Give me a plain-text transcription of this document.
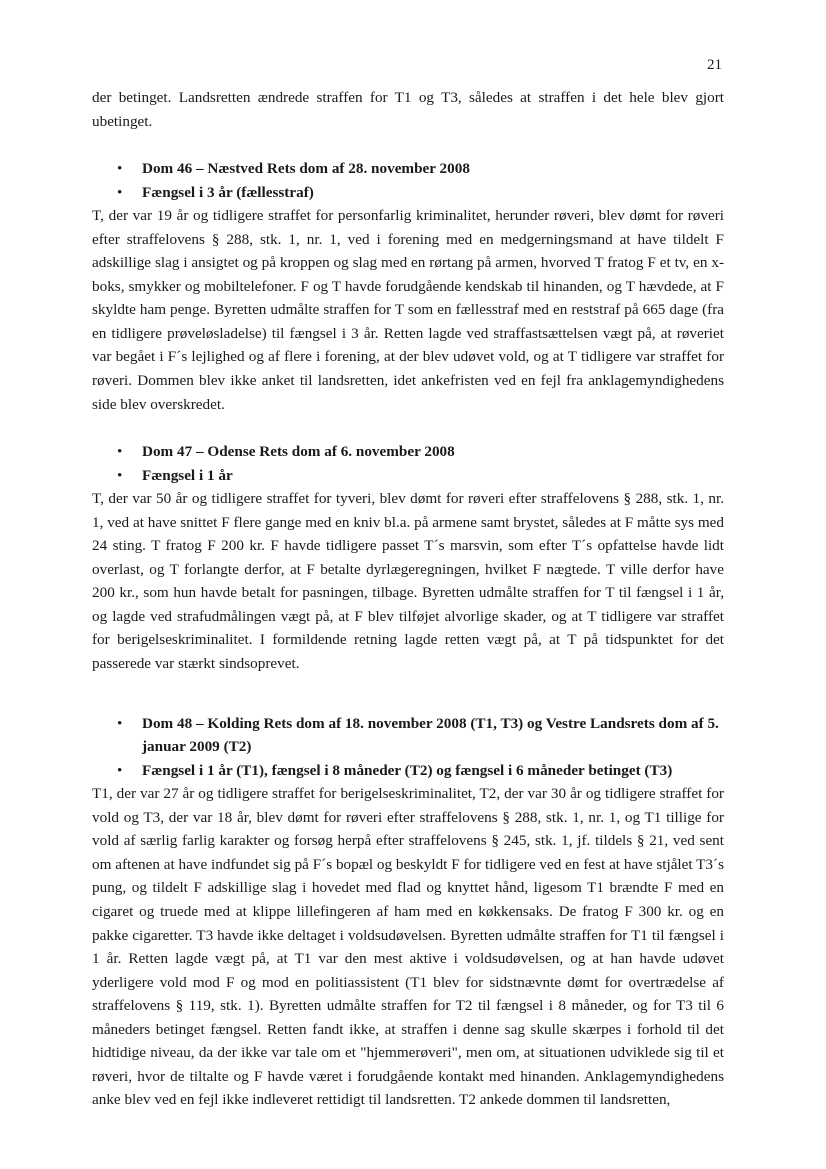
21

der betinget. Landsretten ændrede straffen for T1 og T3, således at straffen i det hele blev gjort ubetinget.

• Dom 46 – Næstved Rets dom af 28. november 2008
• Fængsel i 3 år (fællesstraf)

T, der var 19 år og tidligere straffet for personfarlig kriminalitet, herunder røveri, blev dømt for røveri efter straffelovens § 288, stk. 1, nr. 1, ved i forening med en medgerningsmand at have tildelt F adskillige slag i ansigtet og på kroppen og slag med en rørtang på armen, hvorved T fratog F et tv, en x-boks, smykker og mobiltelefoner. F og T havde forudgående kendskab til hinanden, og T hævdede, at F skyldte ham penge. Byretten udmålte straffen for T som en fællesstraf med en reststraf på 665 dage (fra en tidligere prøveløsladelse) til fængsel i 3 år. Retten lagde ved straffastsættelsen vægt på, at røveriet var begået i F´s lejlighed og af flere i forening, at der blev udøvet vold, og at T tidligere var straffet for røveri. Dommen blev ikke anket til landsretten, idet ankefristen ved en fejl fra anklagemyndighedens side blev overskredet.

• Dom 47 – Odense Rets dom af 6. november 2008
• Fængsel i 1 år

T, der var 50 år og tidligere straffet for tyveri, blev dømt for røveri efter straffelovens § 288, stk. 1, nr. 1, ved at have snittet F flere gange med en kniv bl.a. på armene samt brystet, således at F måtte sys med 24 sting. T fratog F 200 kr. F havde tidligere passet T´s marsvin, som efter T´s opfattelse havde lidt overlast, og T forlangte derfor, at F betalte dyrlægeregningen, hvilket F nægtede. T ville derfor have 200 kr., som hun havde betalt for pasningen, tilbage. Byretten udmålte straffen for T til fængsel i 1 år, og lagde ved strafudmålingen vægt på, at F blev tilføjet alvorlige skader, og at T tidligere var straffet for berigelseskriminalitet. I formildende retning lagde retten vægt på, at T på tidspunktet for det passerede var stærkt sindsoprevet.

• Dom 48 – Kolding Rets dom af 18. november 2008 (T1, T3) og Vestre Landsrets dom af 5. januar 2009 (T2)
• Fængsel i 1 år (T1), fængsel i 8 måneder (T2) og fængsel i 6 måneder betinget (T3)

T1, der var 27 år og tidligere straffet for berigelseskriminalitet, T2, der var 30 år og tidligere straffet for vold og T3, der var 18 år, blev dømt for røveri efter straffelovens § 288, stk. 1, nr. 1, og T1 tillige for vold af særlig farlig karakter og forsøg herpå efter straffelovens § 245, stk. 1, jf. tildels § 21, ved sent om aftenen at have indfundet sig på F´s bopæl og beskyldt F for tidligere ved en fest at have stjålet T3´s pung, og tildelt F adskillige slag i hovedet med flad og knyttet hånd, ligesom T1 brændte F med en cigaret og truede med at klippe lillefingeren af ham med en køkkensaks. De fratog F 300 kr. og en pakke cigaretter. T3 havde ikke deltaget i voldsudøvelsen. Byretten udmålte straffen for T1 til fængsel i 1 år. Retten lagde vægt på, at T1 var den mest aktive i voldsudøvelsen, og at han havde udøvet yderligere vold mod F og mod en politiassistent (T1 blev for sidstnævnte dømt for overtrædelse af straffelovens § 119, stk. 1). Byretten udmålte straffen for T2 til fængsel i 8 måneder, og for T3 til 6 måneders betinget fængsel. Retten fandt ikke, at straffen i denne sag skulle skærpes i forhold til det hidtidige niveau, da der ikke var tale om et "hjemmerøveri", men om, at situationen udviklede sig til et røveri, hvor de tiltalte og F havde været i forudgående kontakt med hinanden. Anklagemyndighedens anke blev ved en fejl ikke indleveret rettidigt til landsretten. T2 ankede dommen til landsretten,
